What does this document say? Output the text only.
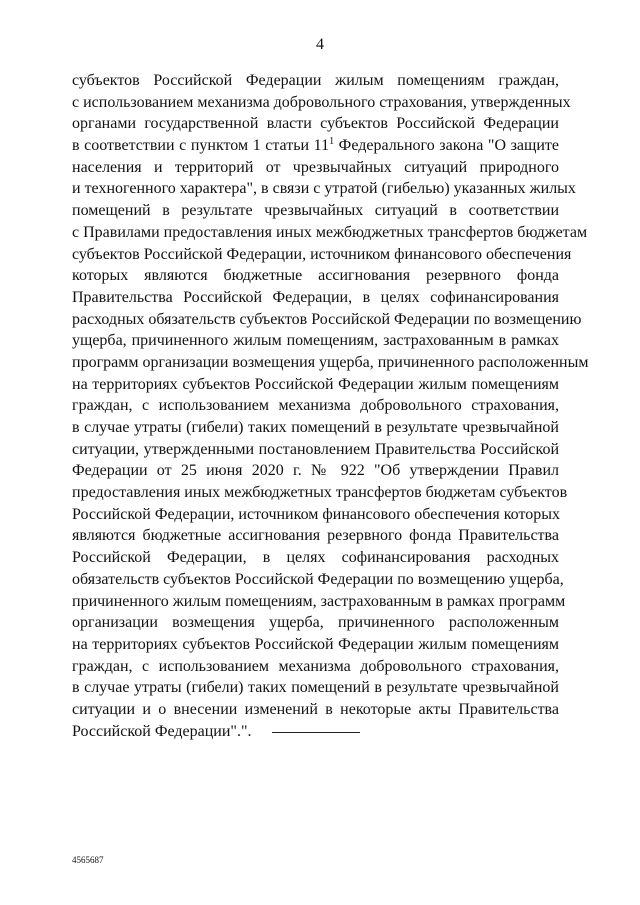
4
субъектов Российской Федерации жилым помещениям граждан,
с использованием механизма добровольного страхования, утвержденных
органами государственной власти субъектов Российской Федерации
в соответствии с пунктом 1 статьи $11^1$ Федерального закона "О защите
населения и территорий от чрезвычайных ситуаций природного
и техногенного характера", в связи с утратой (гибелью) указанных жилых
помещений в результате чрезвычайных ситуаций в соответствии
с Правилами предоставления иных межбюджетных трансфертов бюджетам
субъектов Российской Федерации, источником финансового обеспечения
которых являются бюджетные ассигнования резервного фонда
Правительства Российской Федерации, в целях софинансирования
расходных обязательств субъектов Российской Федерации по возмещению
ущерба, причиненного жилым помещениям, застрахованным в рамках
программ организации возмещения ущерба, причиненного расположенным
на территориях субъектов Российской Федерации жилым помещениям
граждан, с использованием механизма добровольного страхования,
в случае утраты (гибели) таких помещений в результате чрезвычайной
ситуации, утвержденными постановлением Правительства Российской
Федерации от 25 июня 2020 г. № 922 "Об утверждении Правил
предоставления иных межбюджетных трансфертов бюджетам субъектов
Российской Федерации, источником финансового обеспечения которых
являются бюджетные ассигнования резервного фонда Правительства
Российской Федерации, в целях софинансирования расходных
обязательств субъектов Российской Федерации по возмещению ущерба,
причиненного жилым помещениям, застрахованным в рамках программ
организации возмещения ущерба, причиненного расположенным
на территориях субъектов Российской Федерации жилым помещениям
граждан, с использованием механизма добровольного страхования,
в случае утраты (гибели) таких помещений в результате чрезвычайной
ситуации и о внесении изменений в некоторые акты Правительства
Российской Федерации".".
4565687
